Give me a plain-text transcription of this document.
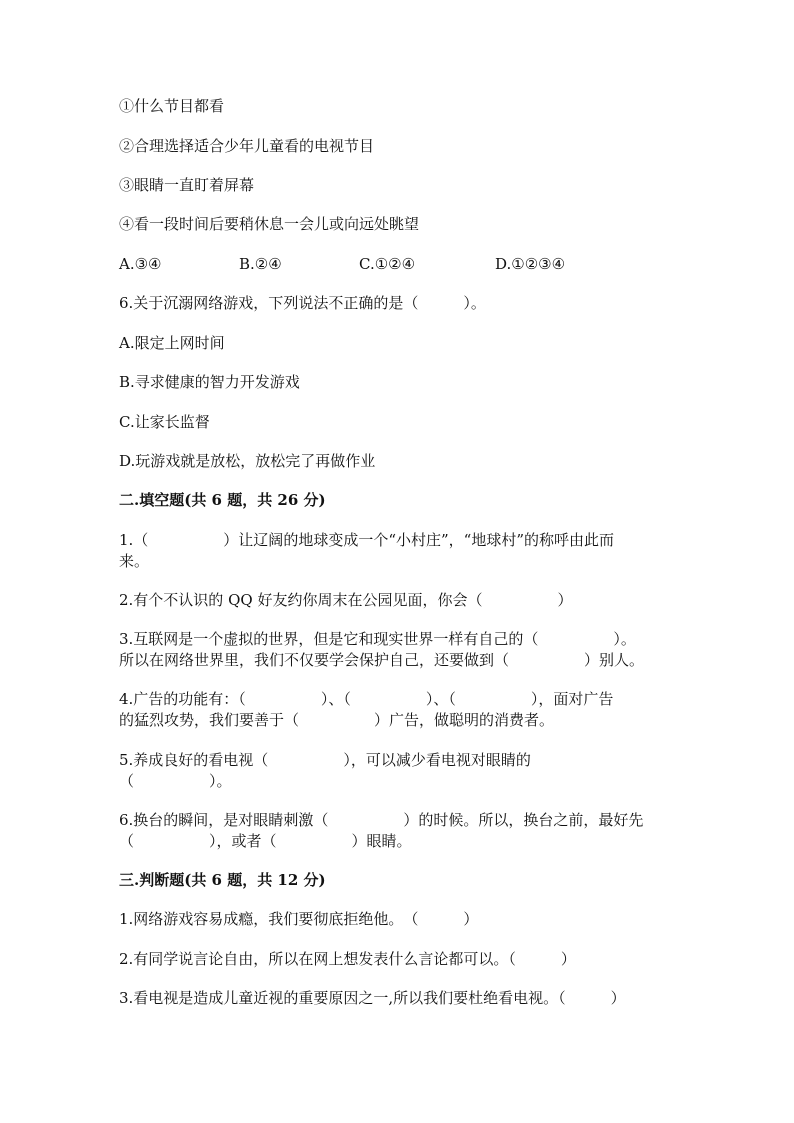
①什么节目都看
②合理选择适合少年儿童看的电视节目
③眼睛一直盯着屏幕
④看一段时间后要稍休息一会儿或向远处眺望
A.③④	B.②④	C.①②④	D.①②③④
6.关于沉溺网络游戏，下列说法不正确的是（　　　）。
A.限定上网时间
B.寻求健康的智力开发游戏
C.让家长监督
D.玩游戏就是放松，放松完了再做作业
二.填空题(共 6 题，共 26 分)
1.（　　　　　）让辽阔的地球变成一个“小村庄”，“地球村”的称呼由此而
来。
2.有个不认识的 QQ 好友约你周末在公园见面，你会（　　　　　）
3.互联网是一个虚拟的世界，但是它和现实世界一样有自己的（　　　　　）。
所以在网络世界里，我们不仅要学会保护自己，还要做到（　　　　　）别人。
4.广告的功能有：（　　　　　）、（　　　　　）、（　　　　　），面对广告
的猛烈攻势，我们要善于（　　　　　）广告，做聪明的消费者。
5.养成良好的看电视（　　　　　），可以减少看电视对眼睛的
（　　　　　）。
6.换台的瞬间，是对眼睛刺激（　　　　　）的时候。所以，换台之前，最好先
（　　　　　），或者（　　　　　）眼睛。
三.判断题(共 6 题，共 12 分)
1.网络游戏容易成瘾，我们要彻底拒绝他。　（　　　）
2.有同学说言论自由，所以在网上想发表什么言论都可以。（　　　）
3.看电视是造成儿童近视的重要原因之一,所以我们要杜绝看电视。（　　　）
